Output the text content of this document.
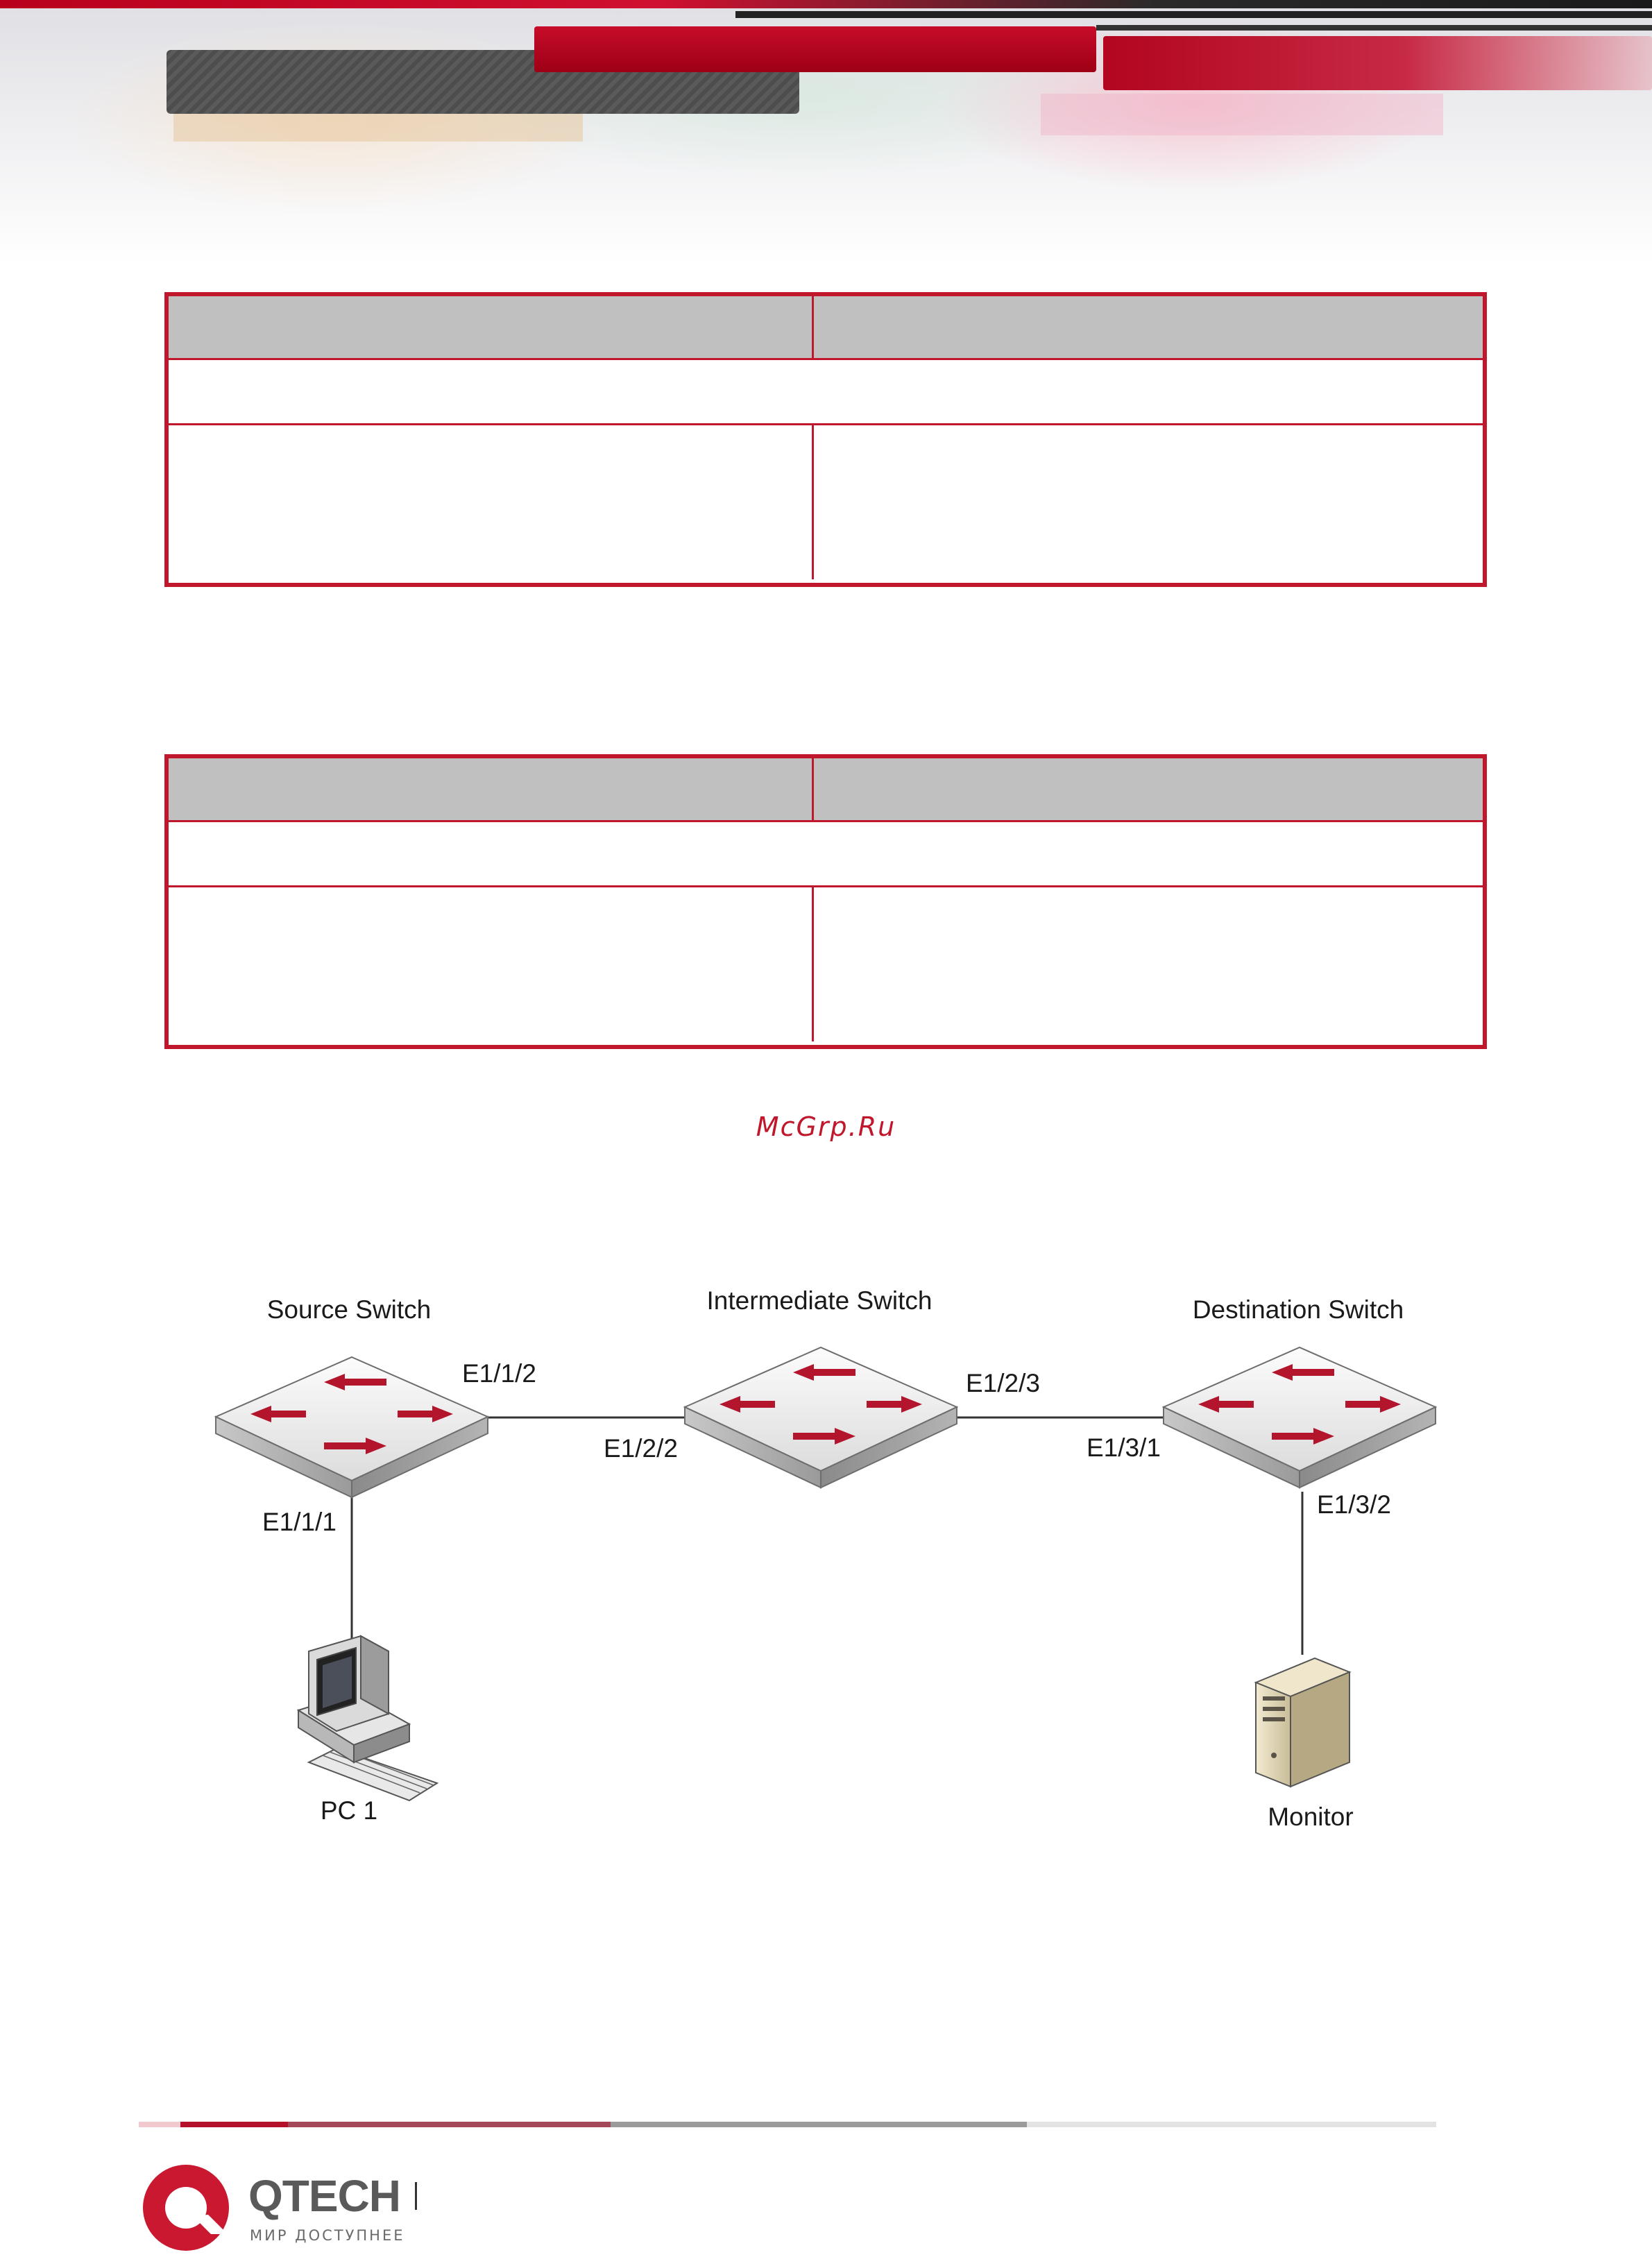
McGrp.Ru
Source Switch	Intermediate Switch	Destination Switch
E1/1/2
E1/1/1
E1/2/2
E1/2/3
E1/3/1
E1/3/2
PC 1	Monitor
QTECH
МИР ДОСТУПНЕЕ
